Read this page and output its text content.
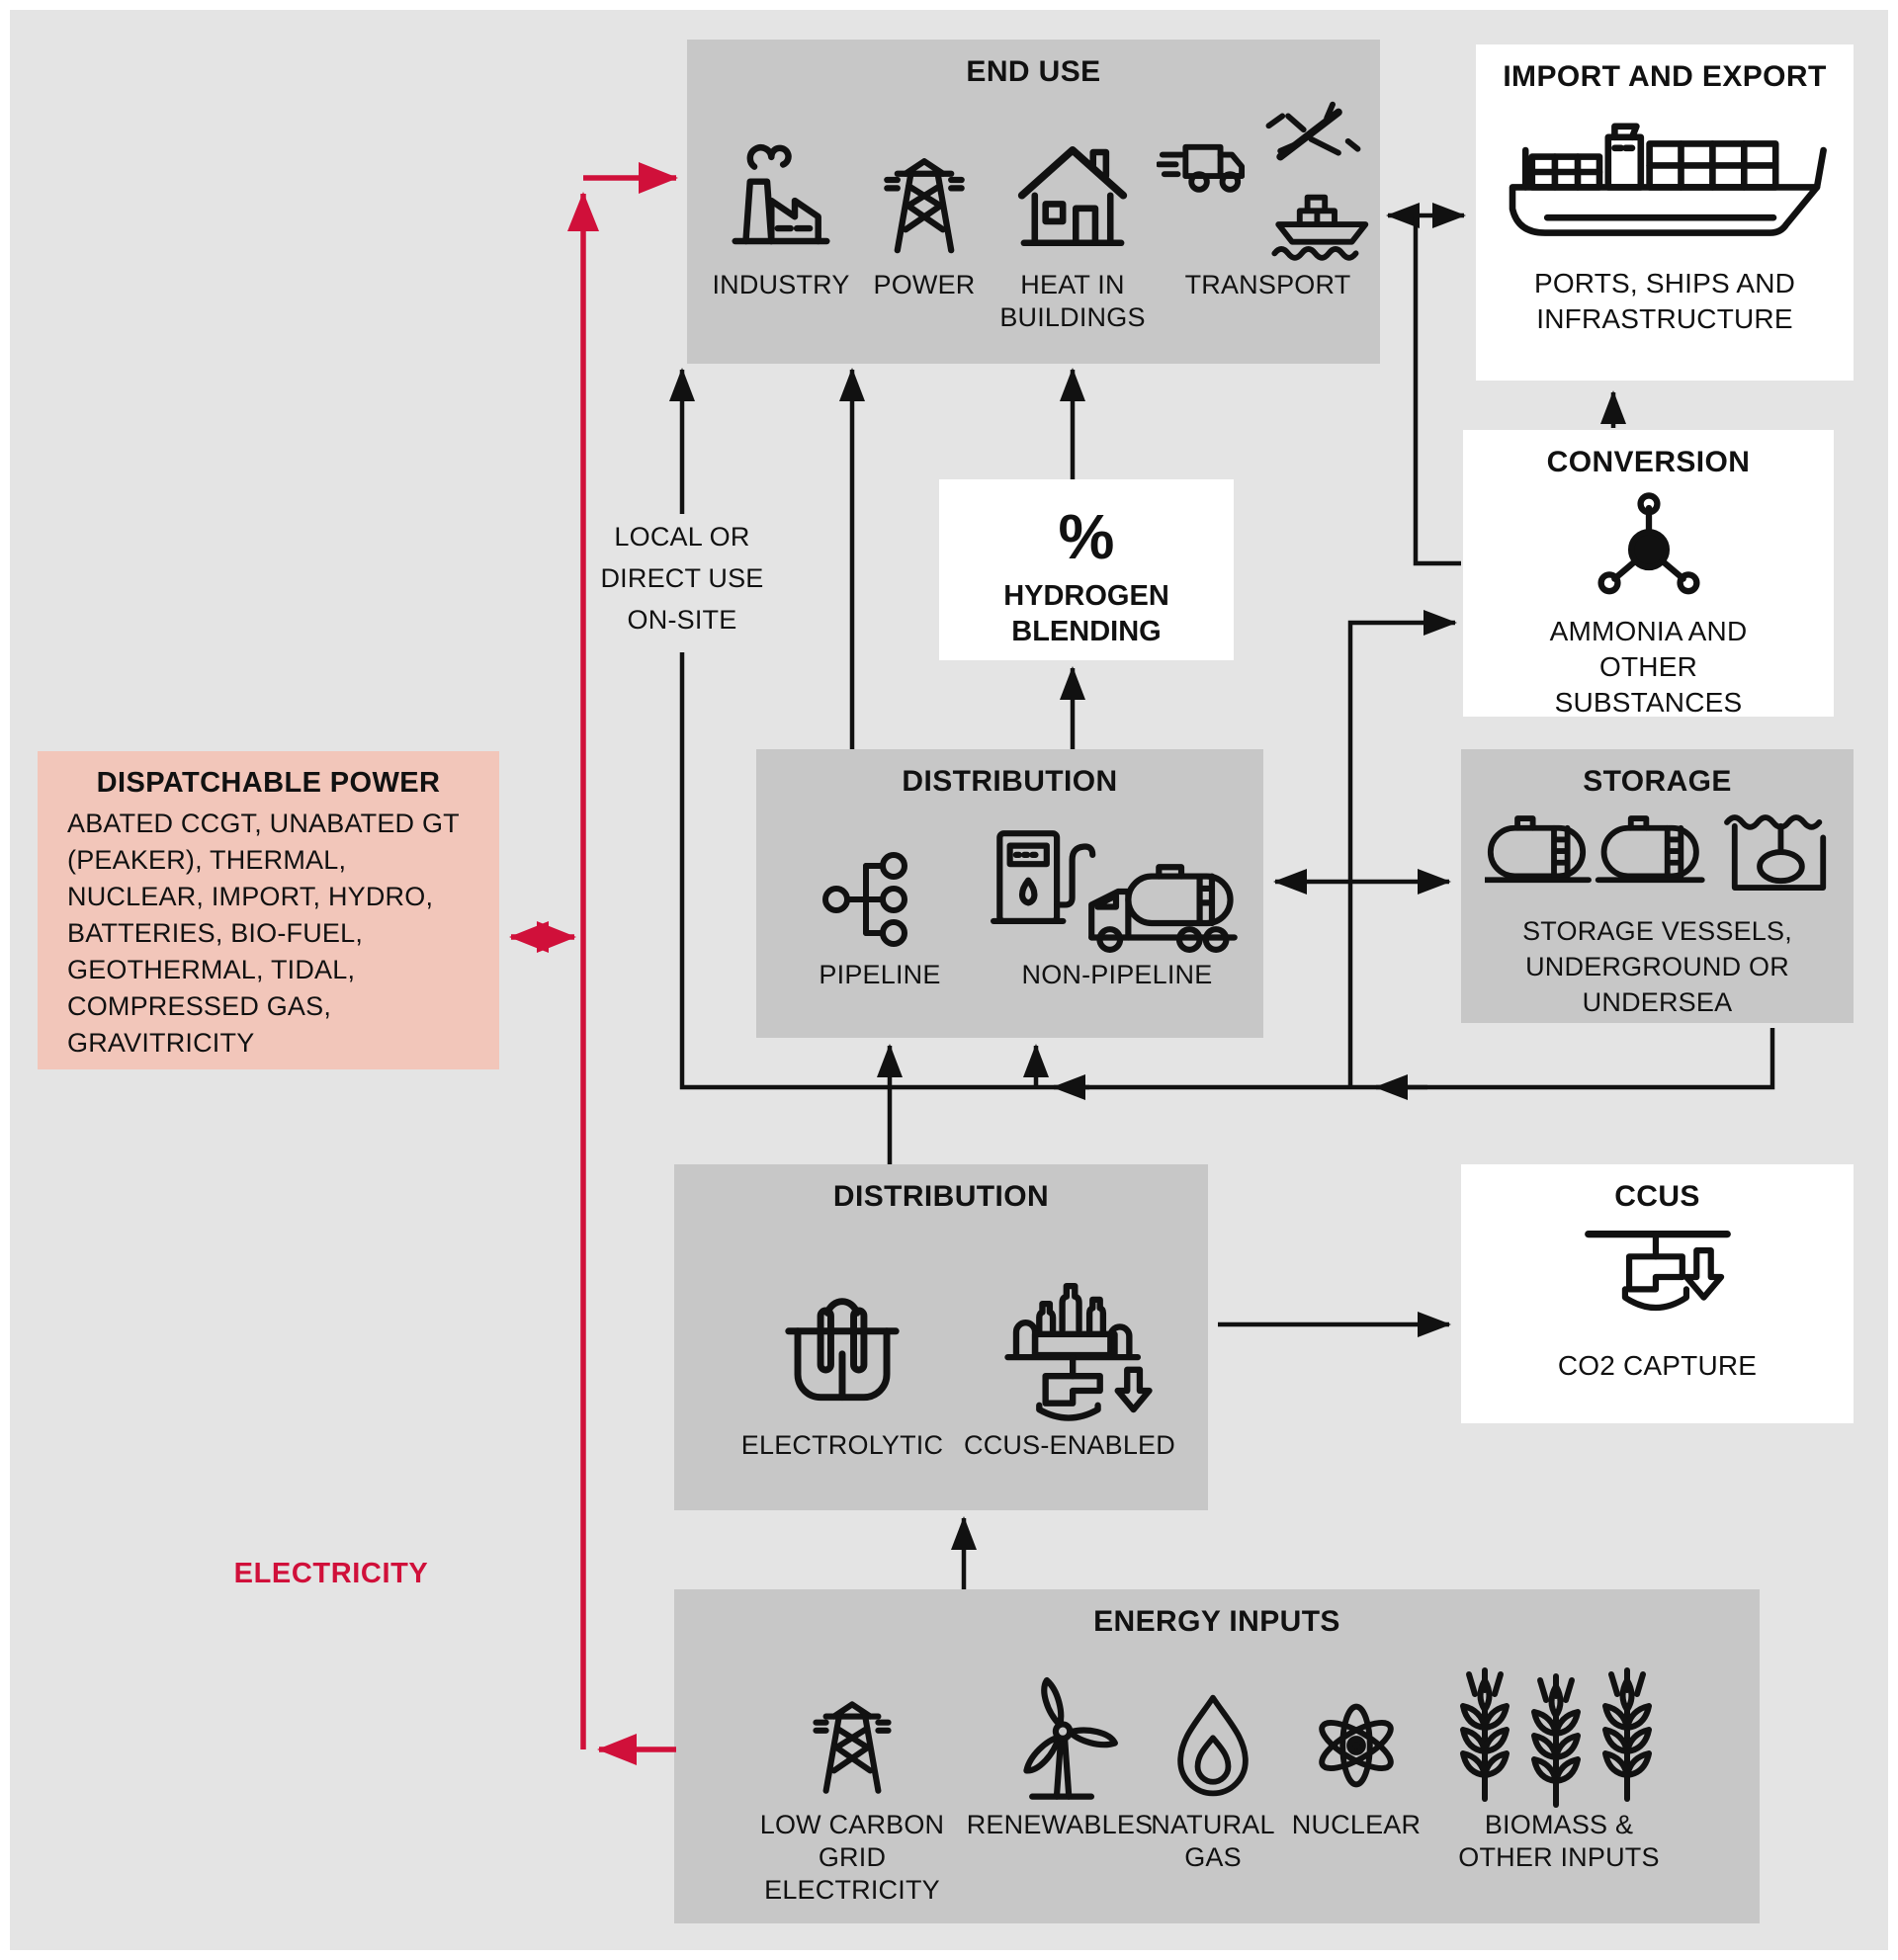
END USE
INDUSTRY POWER	HEAT IN BUILDINGS
TRANSPORT
IMPORT AND EXPORT
PORTS, SHIPS AND INFRASTRUCTURE
CONVERSION
AMMONIA AND OTHER SUBSTANCES
STORAGE
STORAGE VESSELS, UNDERGROUND OR UNDERSEA
%
HYDROGEN BLENDING
DISTRIBUTION
PIPELINE	NON-PIPELINE
DISPATCHABLE POWER
ABATED CCGT, UNABATED GT (PEAKER), THERMAL, NUCLEAR, IMPORT, HYDRO, BATTERIES, BIO-FUEL, GEOTHERMAL, TIDAL, COMPRESSED GAS, GRAVITRICITY
DISTRIBUTION
ELECTROLYTIC CCUS-ENABLED
CCUS
CO2 CAPTURE
ENERGY INPUTS
LOW CARBON GRID ELECTRICITY
RENEWABLES
NATURAL GAS
NUCLEAR	BIOMASS & OTHER INPUTS
LOCAL OR DIRECT USE ON-SITE
ELECTRICITY
